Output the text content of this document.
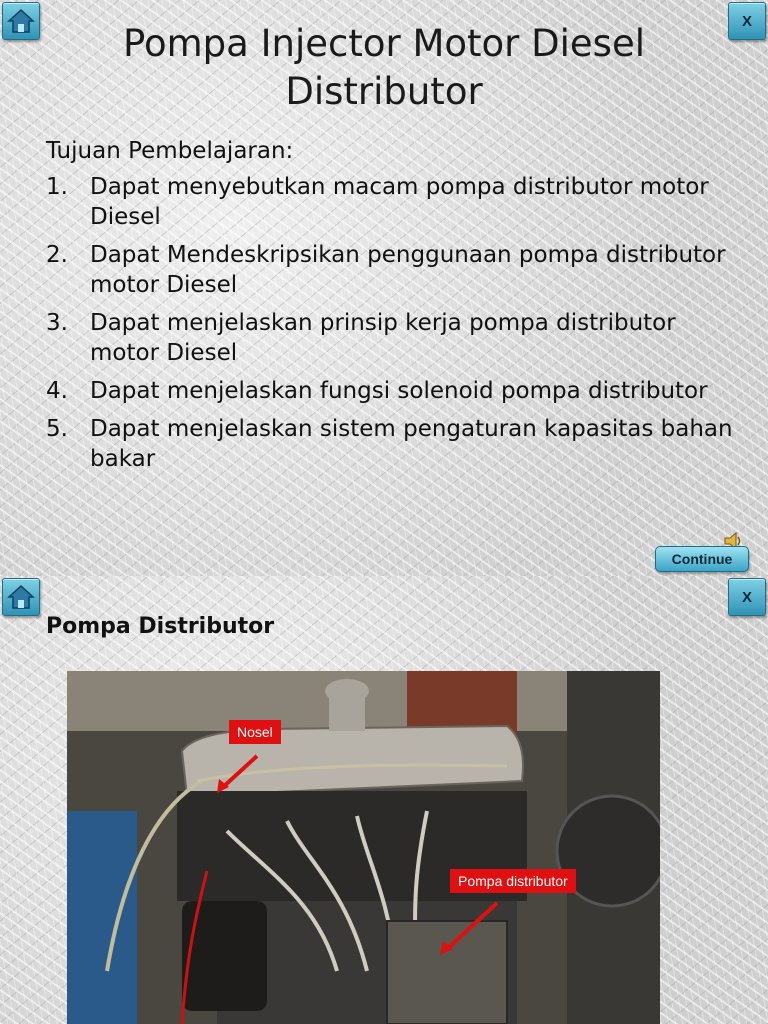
X
Pompa Injector Motor Diesel Distributor
Tujuan Pembelajaran:
1. Dapat menyebutkan macam pompa distributor motor Diesel
2. Dapat Mendeskripsikan penggunaan pompa distributor motor Diesel
3. Dapat menjelaskan prinsip kerja pompa distributor motor Diesel
4. Dapat menjelaskan fungsi solenoid pompa distributor
5. Dapat menjelaskan sistem pengaturan kapasitas bahan bakar
Continue
X
Pompa Distributor
Nosel
Pompa distributor
